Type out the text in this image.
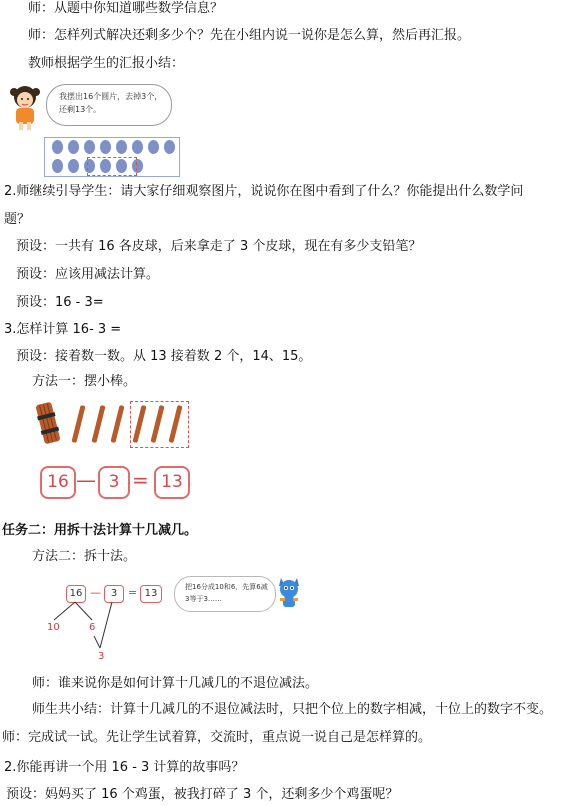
师：从题中你知道哪些数学信息？
师：怎样列式解决还剩多少个？先在小组内说一说你是怎么算，然后再汇报。
教师根据学生的汇报小结：
我摆出16个圆片，去掉3个，还剩13个。
2.师继续引导学生：请大家仔细观察图片，说说你在图中看到了什么？你能提出什么数学问
题？
预设：一共有 16 各皮球，后来拿走了 3 个皮球，现在有多少支铅笔？
预设：应该用减法计算。
预设：16 - 3=
3.怎样计算 16- 3 =
预设：接着数一数。从 13 接着数 2 个，14、15。
方法一：摆小棒。
16 — 3 = 13
任务二：用拆十法计算十几减几。
方法二：拆十法。
16 — 3 = 13
10	6
3
把16分成10和6，先算6减3等于3……
师：谁来说你是如何计算十几减几的不退位减法。
师生共小结：计算十几减几的不退位减法时，只把个位上的数字相减，十位上的数字不变。
师：完成试一试。先让学生试着算，交流时，重点说一说自己是怎样算的。
2.你能再讲一个用 16 - 3 计算的故事吗？
预设：妈妈买了 16 个鸡蛋，被我打碎了 3 个，还剩多少个鸡蛋呢？
